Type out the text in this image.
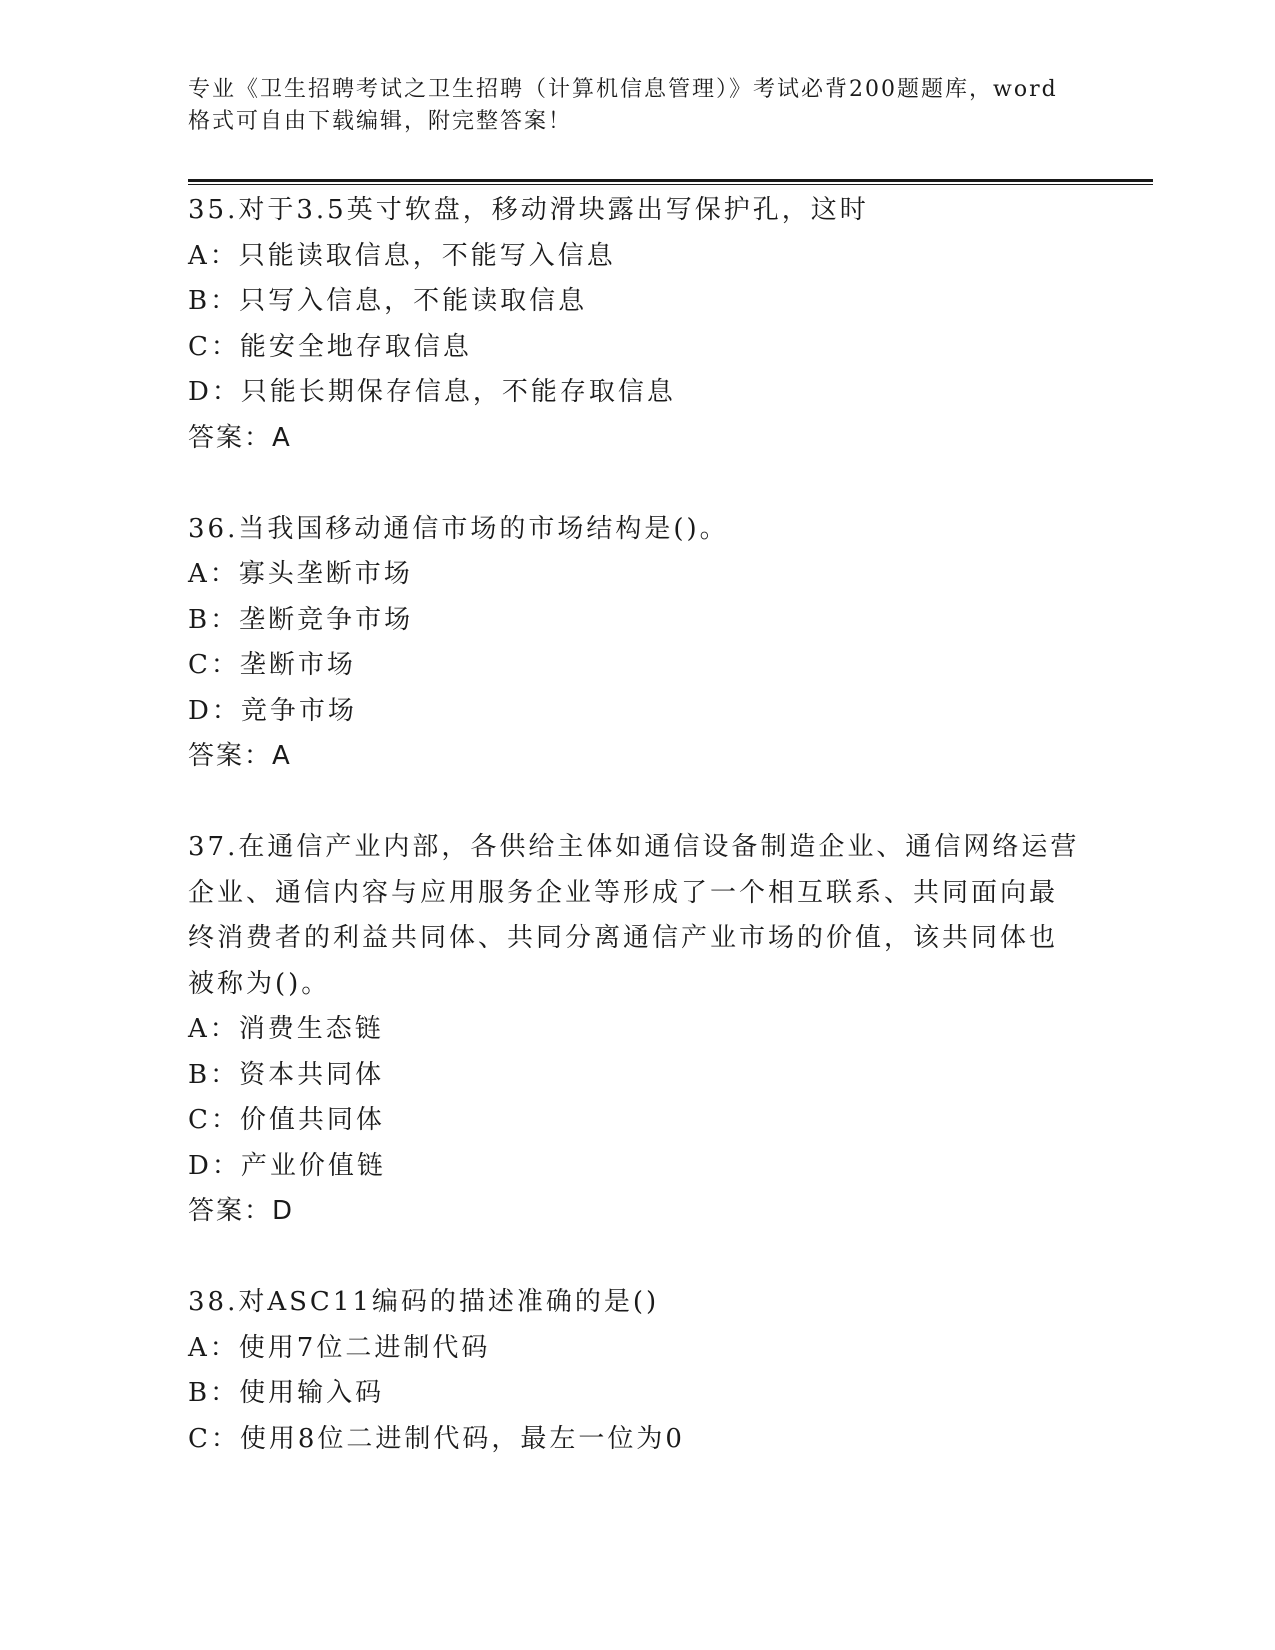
专业《卫生招聘考试之卫生招聘（计算机信息管理）》考试必背200题题库，word
格式可自由下载编辑，附完整答案！
35.对于3.5英寸软盘，移动滑块露出写保护孔，这时
A：只能读取信息，不能写入信息
B：只写入信息，不能读取信息
C：能安全地存取信息
D：只能长期保存信息，不能存取信息
答案：A
36.当我国移动通信市场的市场结构是()。
A：寡头垄断市场
B：垄断竞争市场
C：垄断市场
D：竞争市场
答案：A
37.在通信产业内部，各供给主体如通信设备制造企业、通信网络运营
企业、通信内容与应用服务企业等形成了一个相互联系、共同面向最
终消费者的利益共同体、共同分离通信产业市场的价值，该共同体也
被称为()。
A：消费生态链
B：资本共同体
C：价值共同体
D：产业价值链
答案：D
38.对ASC11编码的描述准确的是()
A：使用7位二进制代码
B：使用输入码
C：使用8位二进制代码，最左一位为0
